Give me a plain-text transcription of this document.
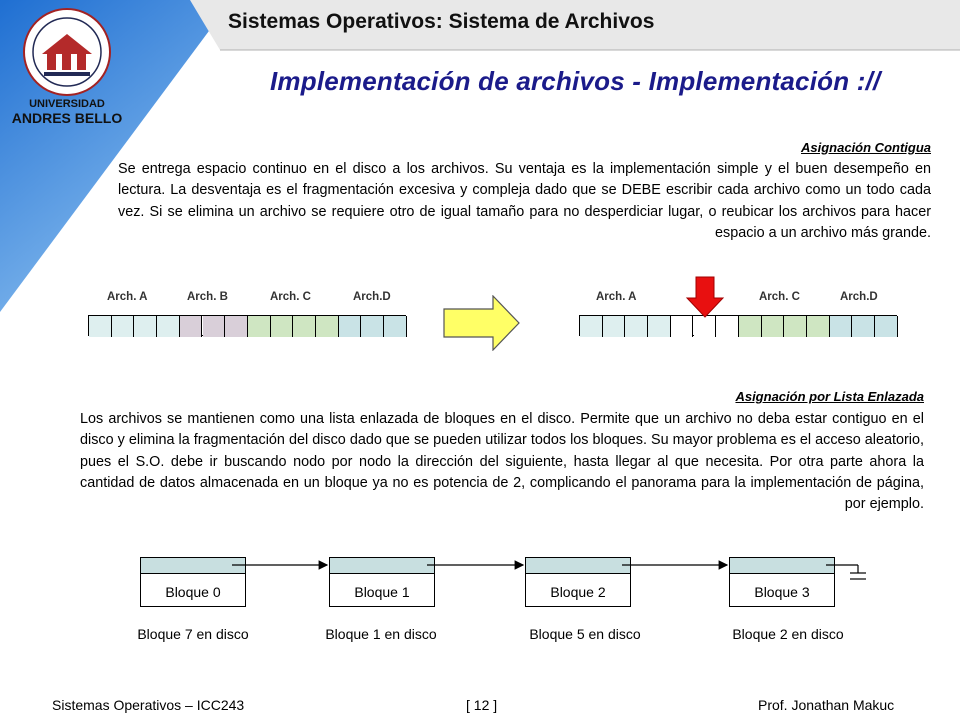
UNIVERSIDAD
ANDRES BELLO
Sistemas Operativos: Sistema de Archivos
Implementación de archivos - Implementación ://
Asignación Contigua
Se entrega espacio continuo en el disco a los archivos. Su ventaja es la implementación simple y el buen desempeño en lectura. La desventaja es el fragmentación excesiva y compleja dado que se DEBE escribir cada archivo como un todo cada vez. Si se elimina un archivo se requiere otro de igual tamaño para no desperdiciar lugar, o reubicar los archivos para hacer espacio a un archivo más grande.
Arch. A	Arch. B	Arch. C	Arch.D	Arch. A	Arch. C	Arch.D
Asignación por Lista Enlazada
Los archivos se mantienen como una lista enlazada de bloques en el disco. Permite que un archivo no deba estar contiguo en el disco y elimina la fragmentación del disco dado que se pueden utilizar todos los bloques. Su mayor problema es el acceso aleatorio, pues el S.O. debe ir buscando nodo por nodo la dirección del siguiente, hasta llegar al que necesita. Por otra parte ahora la cantidad de datos almacenada en un bloque ya no es potencia de 2, complicando el panorama para la implementación de página, por ejemplo.
Bloque 0	Bloque 1	Bloque 2	Bloque 3
Bloque 7 en disco	Bloque 1 en disco	Bloque 5 en disco	Bloque 2 en disco
Sistemas Operativos – ICC243	[ 12 ]	Prof. Jonathan Makuc
